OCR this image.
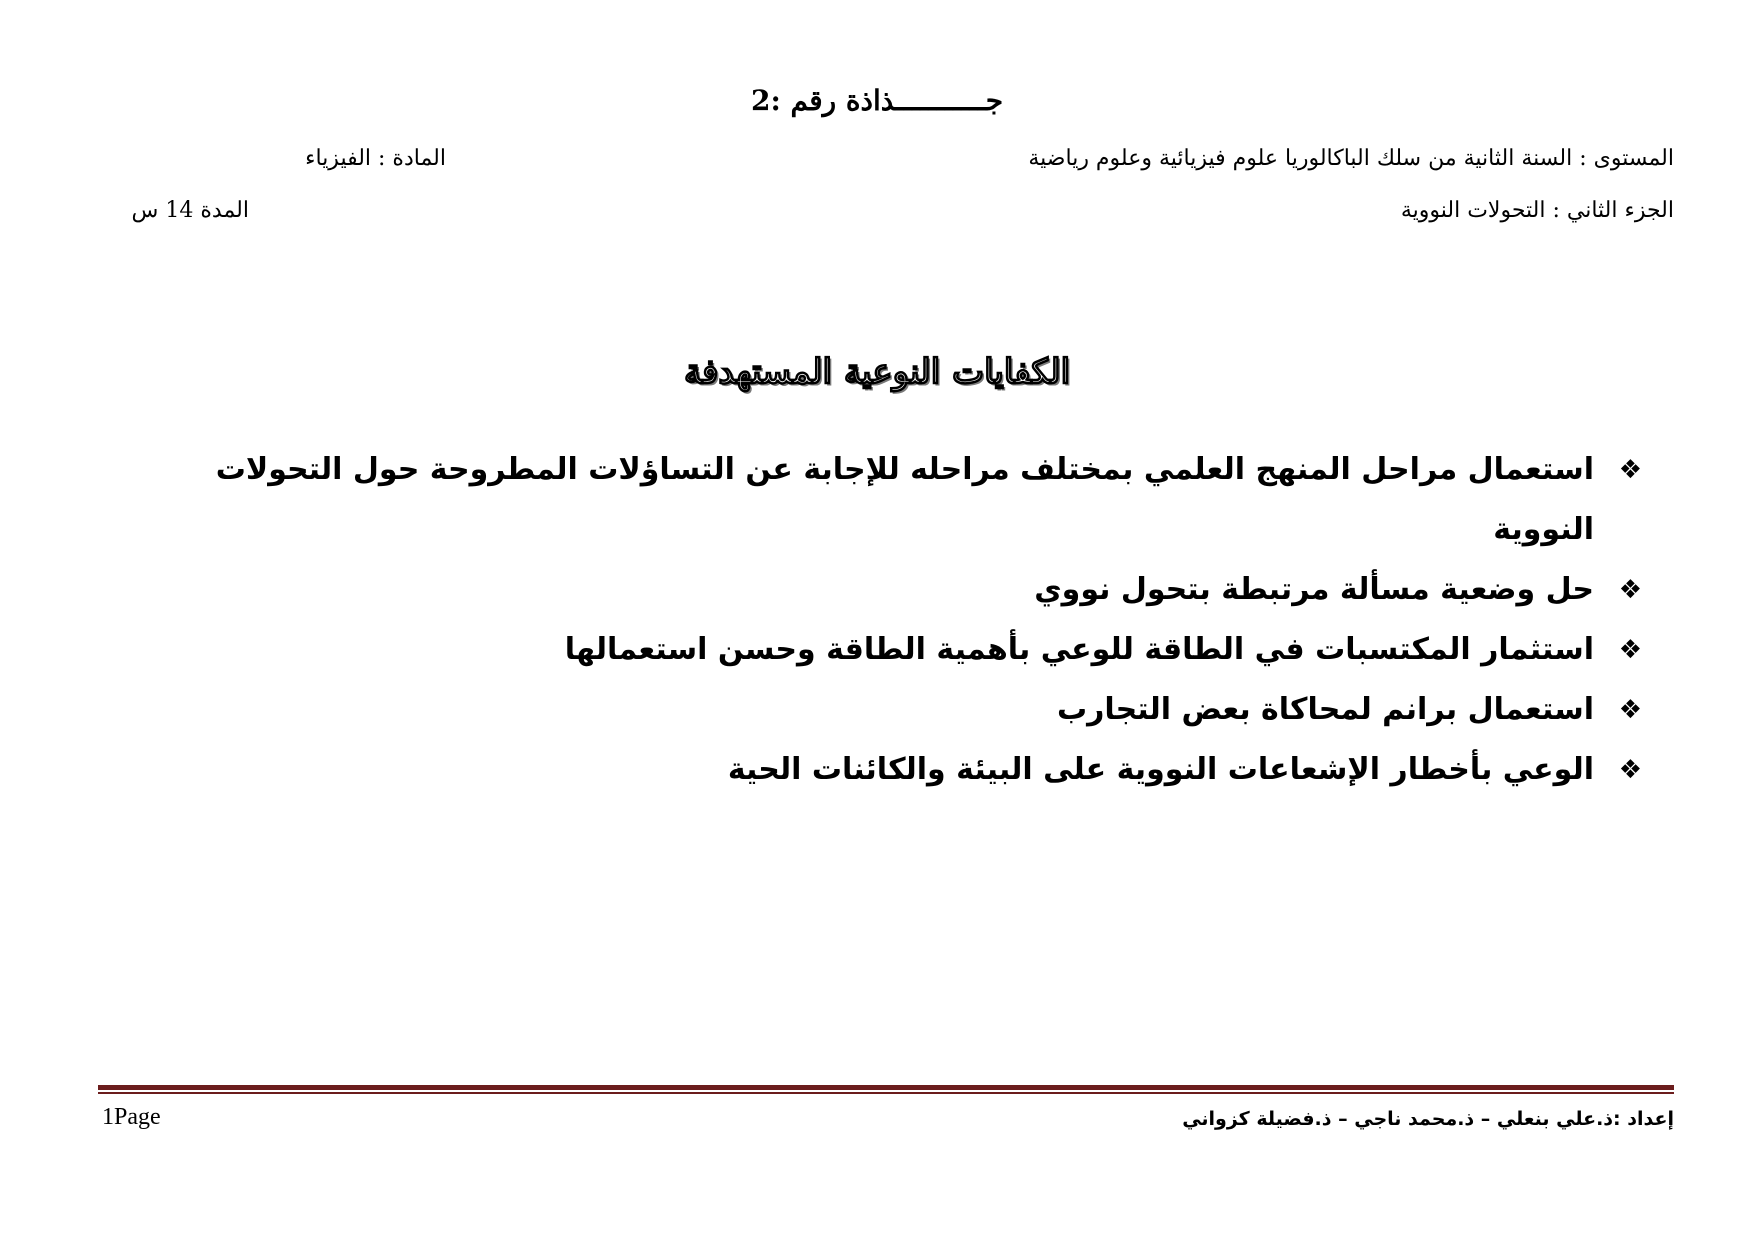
جـــــــــــذاذة رقم :2
المستوى : السنة الثانية من سلك الباكالوريا علوم فيزيائية وعلوم رياضية
المادة : الفيزياء
الجزء الثاني : التحولات النووية
المدة 14 س
الكفايات النوعية المستهدفة
❖
استعمال مراحل المنهج العلمي بمختلف مراحله للإجابة عن التساؤلات المطروحة حول التحولات النووية
❖
حل وضعية مسألة مرتبطة بتحول نووي
❖
استثمار المكتسبات في الطاقة للوعي بأهمية الطاقة وحسن استعمالها
❖
استعمال برانم لمحاكاة بعض التجارب
❖
الوعي بأخطار الإشعاعات النووية على البيئة والكائنات الحية
إعداد :ذ.علي بنعلي – ذ.محمد ناجي – ذ.فضيلة كزواني
1Page
